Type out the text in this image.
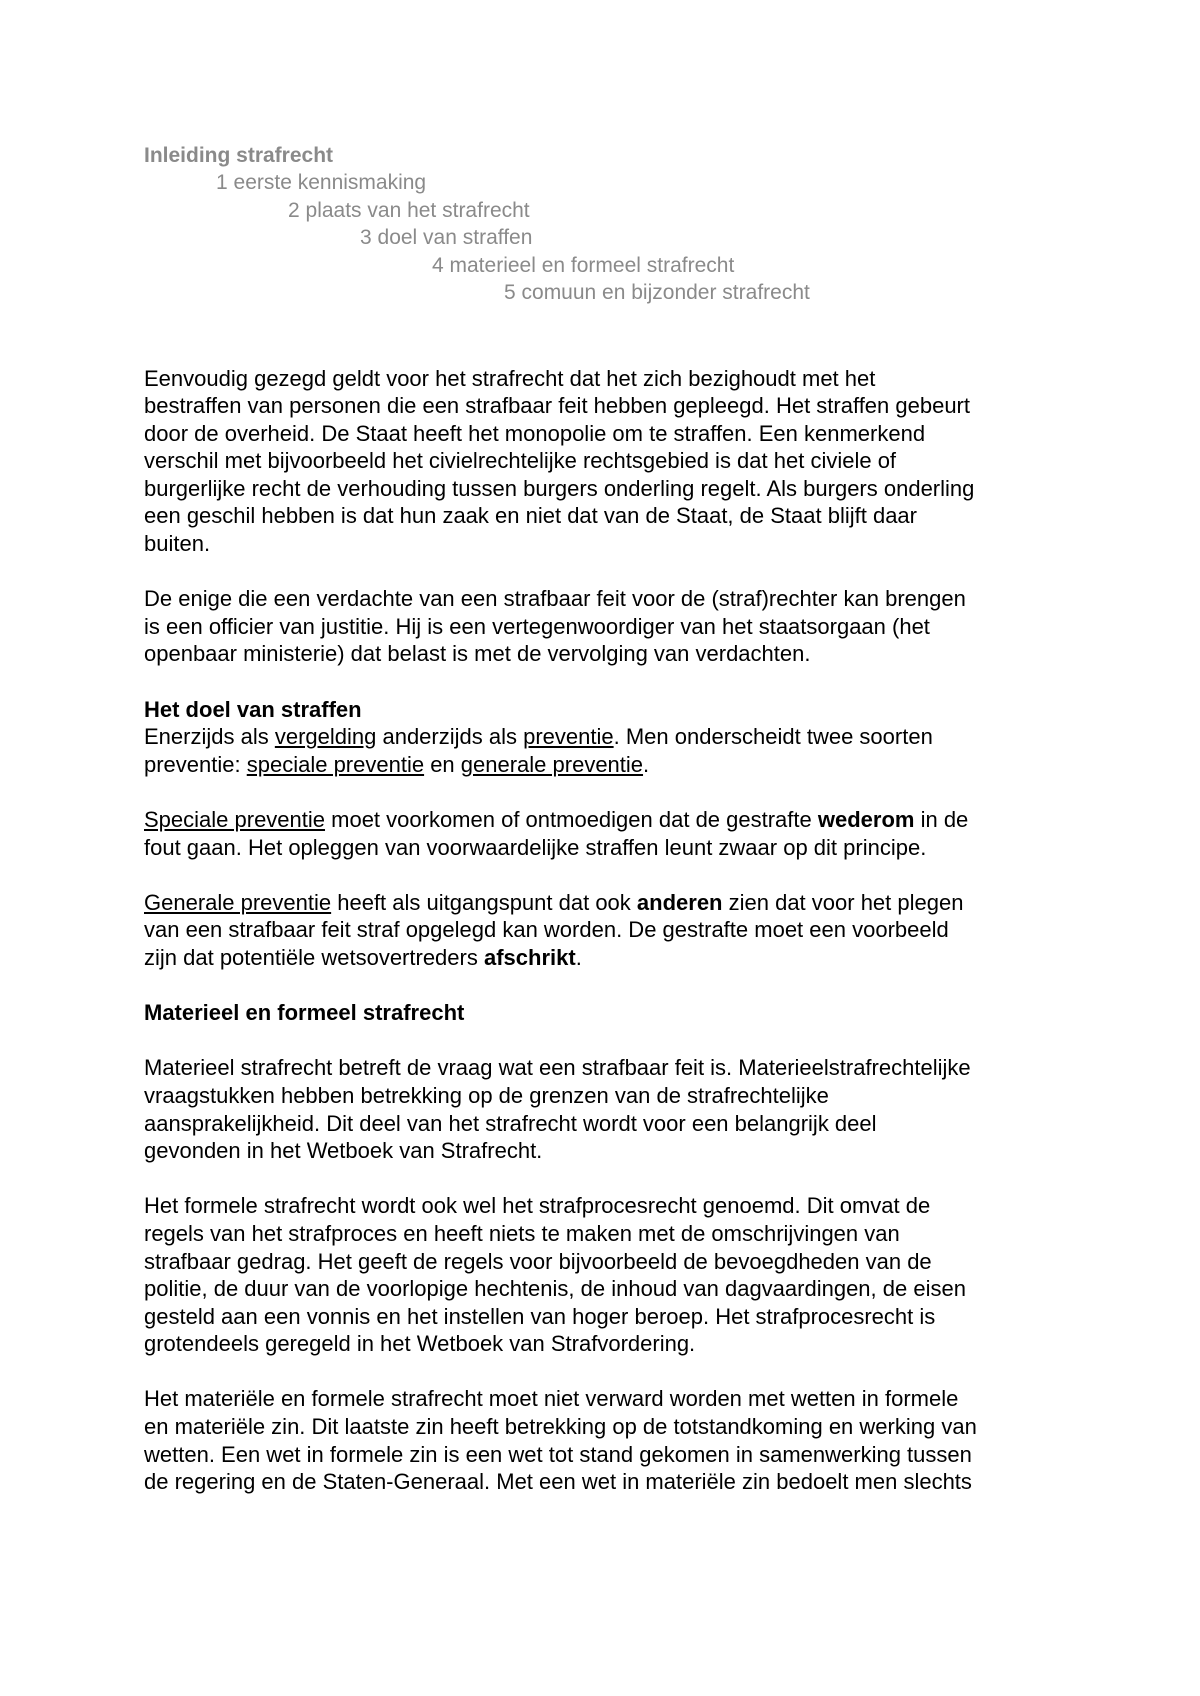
Inleiding strafrecht
1 eerste kennismaking
2 plaats van het strafrecht
3 doel van straffen
4 materieel en formeel strafrecht
5 comuun en bijzonder strafrecht
Eenvoudig gezegd geldt voor het strafrecht dat het zich bezighoudt met het
bestraffen van personen die een strafbaar feit hebben gepleegd. Het straffen gebeurt
door de overheid. De Staat heeft het monopolie om te straffen. Een kenmerkend
verschil met bijvoorbeeld het civielrechtelijke rechtsgebied is dat het civiele of
burgerlijke recht de verhouding tussen burgers onderling regelt. Als burgers onderling
een geschil hebben is dat hun zaak en niet dat van de Staat, de Staat blijft daar
buiten.
De enige die een verdachte van een strafbaar feit voor de (straf)rechter kan brengen
is een officier van justitie. Hij is een vertegenwoordiger van het staatsorgaan (het
openbaar ministerie) dat belast is met de vervolging van verdachten.
Het doel van straffen
Enerzijds als vergelding anderzijds als preventie. Men onderscheidt twee soorten
preventie: speciale preventie en generale preventie.
Speciale preventie moet voorkomen of ontmoedigen dat de gestrafte wederom in de
fout gaan. Het opleggen van voorwaardelijke straffen leunt zwaar op dit principe.
Generale preventie heeft als uitgangspunt dat ook anderen zien dat voor het plegen
van een strafbaar feit straf opgelegd kan worden. De gestrafte moet een voorbeeld
zijn dat potentiële wetsovertreders afschrikt.
Materieel en formeel strafrecht
Materieel strafrecht betreft de vraag wat een strafbaar feit is. Materieelstrafrechtelijke
vraagstukken hebben betrekking op de grenzen van de strafrechtelijke
aansprakelijkheid. Dit deel van het strafrecht wordt voor een belangrijk deel
gevonden in het Wetboek van Strafrecht.
Het formele strafrecht wordt ook wel het strafprocesrecht genoemd. Dit omvat de
regels van het strafproces en heeft niets te maken met de omschrijvingen van
strafbaar gedrag. Het geeft de regels voor bijvoorbeeld de bevoegdheden van de
politie, de duur van de voorlopige hechtenis, de inhoud van dagvaardingen, de eisen
gesteld aan een vonnis en het instellen van hoger beroep. Het strafprocesrecht is
grotendeels geregeld in het Wetboek van Strafvordering.
Het materiële en formele strafrecht moet niet verward worden met wetten in formele
en materiële zin. Dit laatste zin heeft betrekking op de totstandkoming en werking van
wetten. Een wet in formele zin is een wet tot stand gekomen in samenwerking tussen
de regering en de Staten-Generaal. Met een wet in materiële zin bedoelt men slechts
